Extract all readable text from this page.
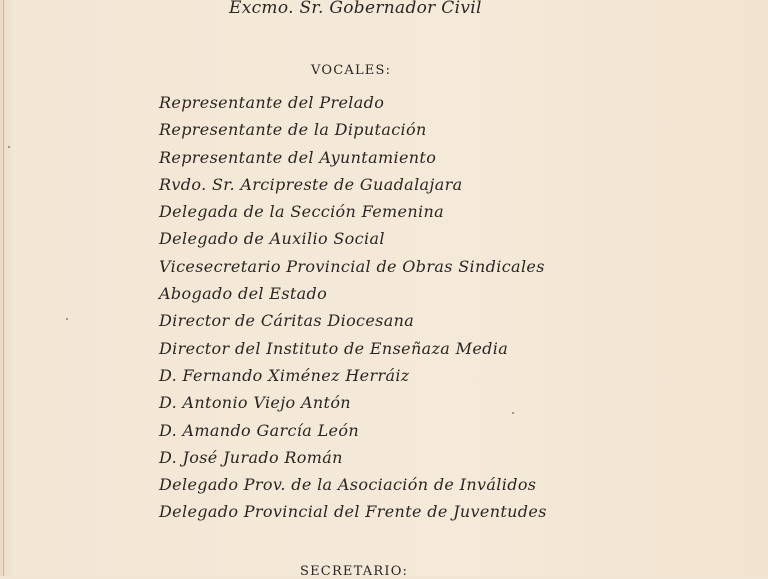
Excmo. Sr. Gobernador Civil
VOCALES:
Representante del Prelado
Representante de la Diputación
Representante del Ayuntamiento
Rvdo. Sr. Arcipreste de Guadalajara
Delegada de la Sección Femenina
Delegado de Auxilio Social
Vicesecretario Provincial de Obras Sindicales
Abogado del Estado
Director de Cáritas Diocesana
Director del Instituto de Enseñaza Media
D. Fernando Ximénez Herráiz
D. Antonio Viejo Antón
D. Amando García León
D. José Jurado Román
Delegado Prov. de la Asociación de Inválidos
Delegado Provincial del Frente de Juventudes
SECRETARIO:
